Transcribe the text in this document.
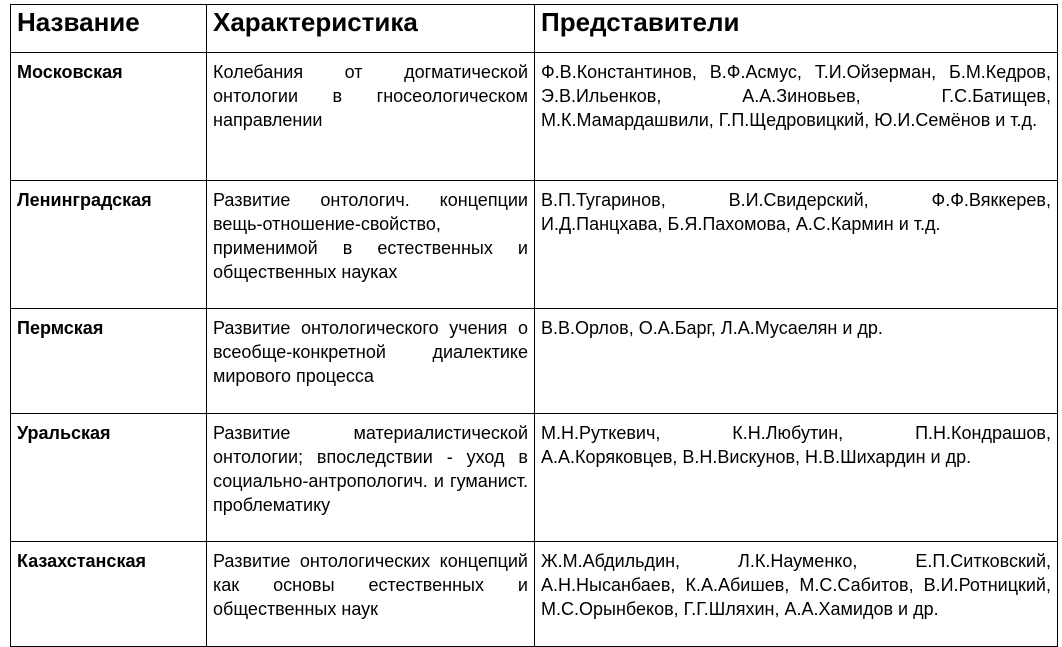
Название	Характеристика	Представители
Московская	Колебания от догматической онтологии в гносеологическом направлении	Ф.В.Константинов, В.Ф.Асмус, Т.И.Ойзерман, Б.М.Кедров, Э.В.Ильенков, А.А.Зиновьев, Г.С.Батищев, М.К.Мамардашвили, Г.П.Щедровицкий, Ю.И.Семёнов и т.д.
Ленинградская	Развитие онтологич. концепции вещь-отношение-свойство, применимой в естественных и общественных науках	В.П.Тугаринов, В.И.Свидерский, Ф.Ф.Вяккерев, И.Д.Панцхава, Б.Я.Пахомова, А.С.Кармин и т.д.
Пермская	Развитие онтологического учения о всеобще-конкретной диалектике мирового процесса	В.В.Орлов, О.А.Барг, Л.А.Мусаелян и др.
Уральская	Развитие материалистической онтологии; впоследствии - уход в социально-антропологич. и гуманист. проблематику	М.Н.Руткевич, К.Н.Любутин, П.Н.Кондрашов, А.А.Коряковцев, В.Н.Вискунов, Н.В.Шихардин и др.
Казахстанская	Развитие онтологических концепций как основы естественных и общественных наук	Ж.М.Абдильдин, Л.К.Науменко, Е.П.Ситковский, А.Н.Нысанбаев, К.А.Абишев, М.С.Сабитов, В.И.Ротницкий, М.С.Орынбеков, Г.Г.Шляхин, А.А.Хамидов и др.
